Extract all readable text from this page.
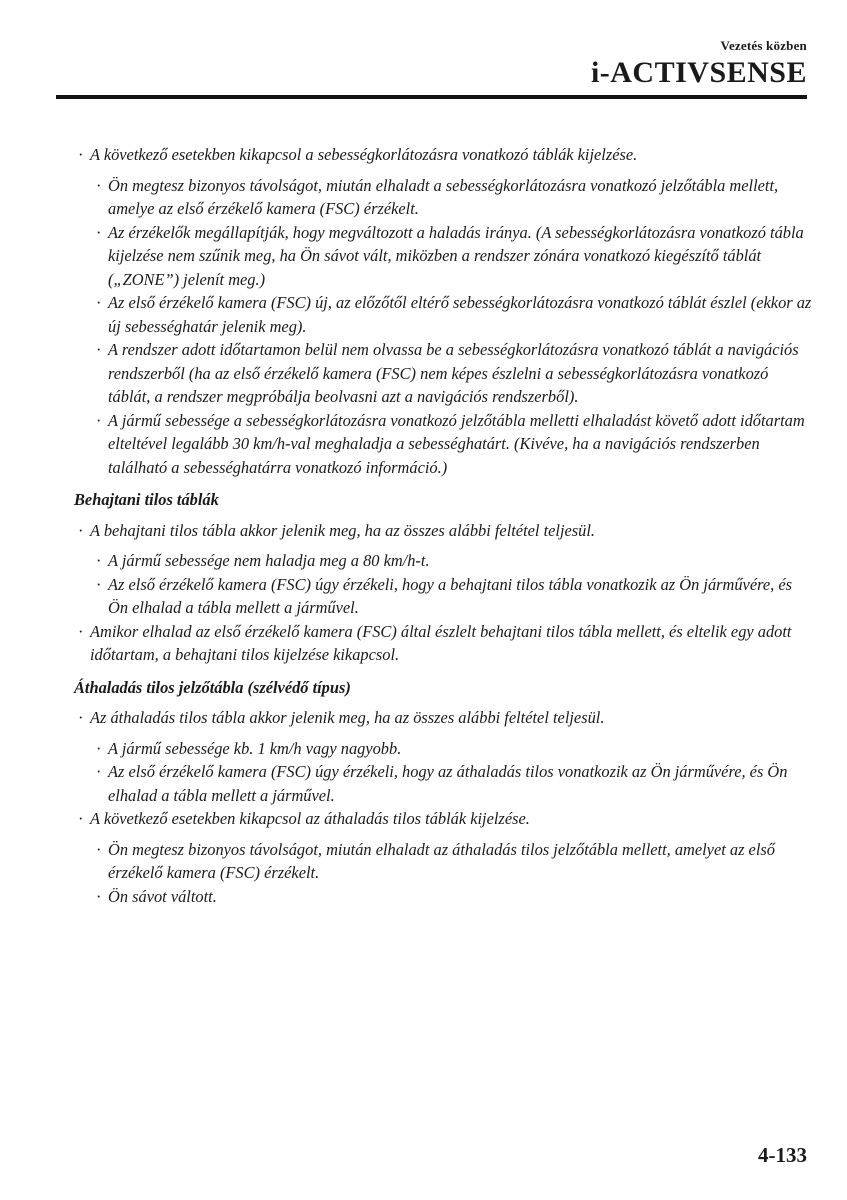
Vezetés közben
i-ACTIVSENSE

· A következő esetekben kikapcsol a sebességkorlátozásra vonatkozó táblák kijelzése.

· Ön megtesz bizonyos távolságot, miután elhaladt a sebességkorlátozásra vonatkozó jelzőtábla mellett, amelye az első érzékelő kamera (FSC) érzékelt.

· Az érzékelők megállapítják, hogy megváltozott a haladás iránya. (A sebességkorlátozásra vonatkozó tábla kijelzése nem szűnik meg, ha Ön sávot vált, miközben a rendszer zónára vonatkozó kiegészítő táblát („ZONE”) jelenít meg.)

· Az első érzékelő kamera (FSC) új, az előzőtől eltérő sebességkorlátozásra vonatkozó táblát észlel (ekkor az új sebességhatár jelenik meg).

· A rendszer adott időtartamon belül nem olvassa be a sebességkorlátozásra vonatkozó táblát a navigációs rendszerből (ha az első érzékelő kamera (FSC) nem képes észlelni a sebességkorlátozásra vonatkozó táblát, a rendszer megpróbálja beolvasni azt a navigációs rendszerből).

· A jármű sebessége a sebességkorlátozásra vonatkozó jelzőtábla melletti elhaladást követő adott időtartam elteltével legalább 30 km/h-val meghaladja a sebességhatárt. (Kivéve, ha a navigációs rendszerben található a sebességhatárra vonatkozó információ.)

Behajtani tilos táblák

· A behajtani tilos tábla akkor jelenik meg, ha az összes alábbi feltétel teljesül.

· A jármű sebessége nem haladja meg a 80 km/h-t.

· Az első érzékelő kamera (FSC) úgy érzékeli, hogy a behajtani tilos tábla vonatkozik az Ön járművére, és Ön elhalad a tábla mellett a járművel.

· Amikor elhalad az első érzékelő kamera (FSC) által észlelt behajtani tilos tábla mellett, és eltelik egy adott időtartam, a behajtani tilos kijelzése kikapcsol.

Áthaladás tilos jelzőtábla (szélvédő típus)

· Az áthaladás tilos tábla akkor jelenik meg, ha az összes alábbi feltétel teljesül.

· A jármű sebessége kb. 1 km/h vagy nagyobb.

· Az első érzékelő kamera (FSC) úgy érzékeli, hogy az áthaladás tilos vonatkozik az Ön járművére, és Ön elhalad a tábla mellett a járművel.

· A következő esetekben kikapcsol az áthaladás tilos táblák kijelzése.

· Ön megtesz bizonyos távolságot, miután elhaladt az áthaladás tilos jelzőtábla mellett, amelyet az első érzékelő kamera (FSC) érzékelt.

· Ön sávot váltott.

4-133
